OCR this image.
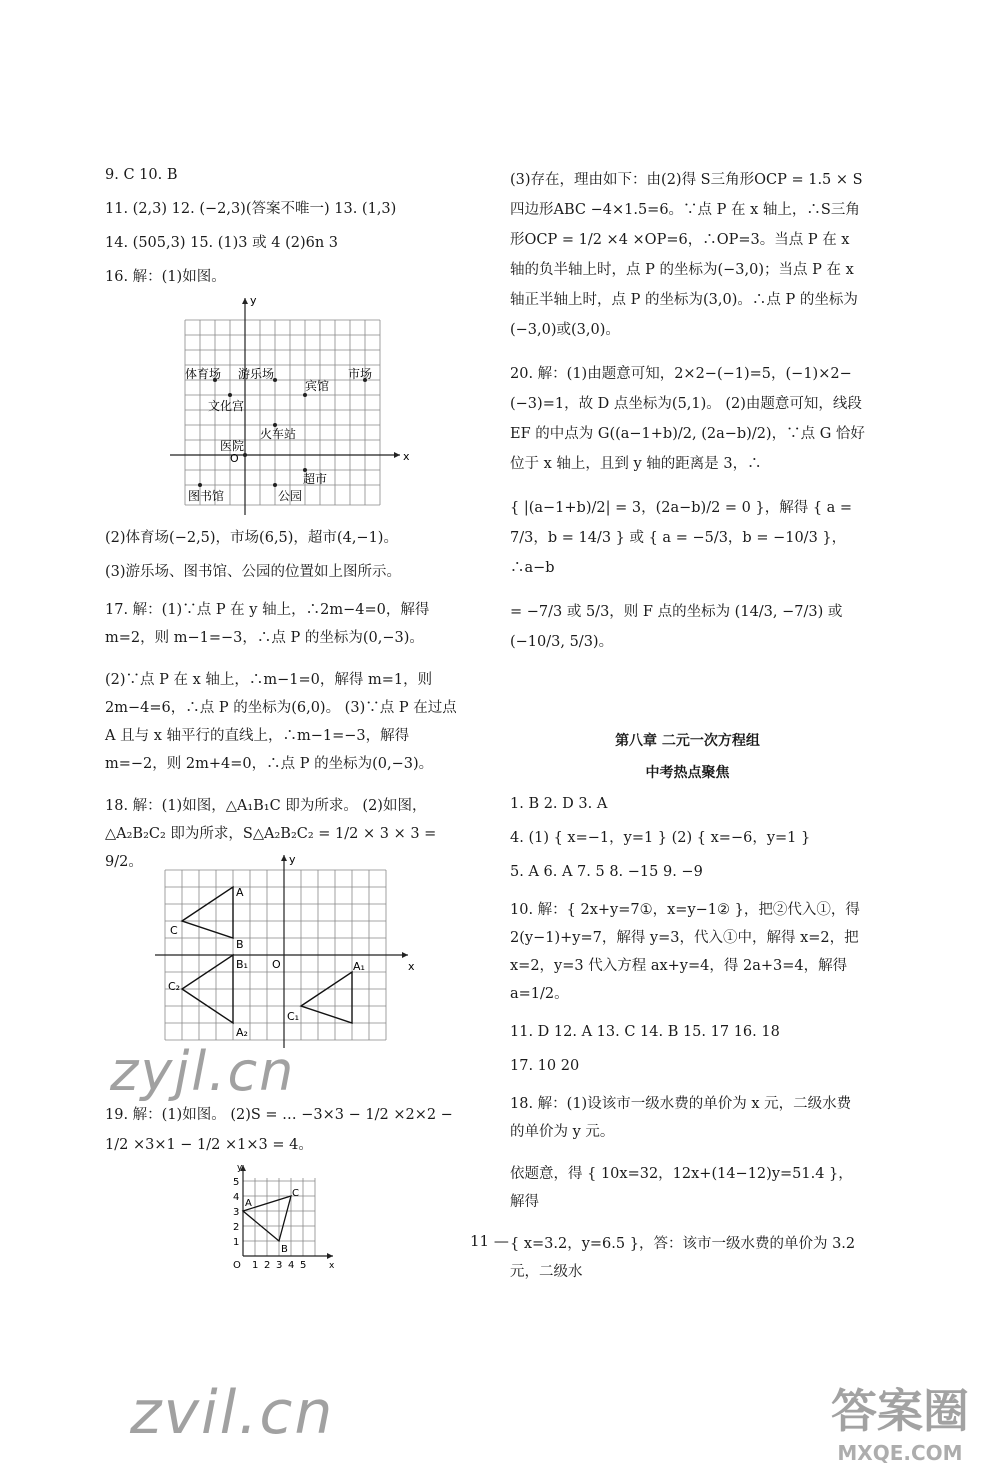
9. C 10. B

11. (2,3) 12. (−2,3)(答案不唯一) 13. (1,3)

14. (505,3) 15. (1)3 或 4 (2)6n 3

16. 解：(1)如图。

x
y
O
体育场 游乐场
宾馆
市场
文化宫
火车站
医院
超市
图书馆	公园

(2)体育场(−2,5)，市场(6,5)，超市(4,−1)。

(3)游乐场、图书馆、公园的位置如上图所示。

17. 解：(1)∵点 P 在 y 轴上，∴2m−4=0，解得 m=2，则 m−1=−3，∴点 P 的坐标为(0,−3)。

(2)∵点 P 在 x 轴上，∴m−1=0，解得 m=1，则 2m−4=6，∴点 P 的坐标为(6,0)。 (3)∵点 P 在过点 A 且与 x 轴平行的直线上，∴m−1=−3，解得 m=−2，则 2m+4=0，∴点 P 的坐标为(0,−3)。

18. 解：(1)如图，△A₁B₁C 即为所求。 (2)如图，△A₂B₂C₂ 即为所求，S△A₂B₂C₂ = 1/2 × 3 × 3 = 9/2。

A
B
C
B₁	A₁
C₁
C₂
A₂
O	x
y

19. 解：(1)如图。 (2)S = … −3×3 − 1/2 ×2×2 − 1/2 ×3×1 − 1/2 ×1×3 = 4。

A
B
C
O	x
y
5
4
3
2
1
1 2 3 4 5

(3)存在，理由如下：由(2)得 S三角形OCP = 1.5 × S四边形ABC −4×1.5=6。∵点 P 在 x 轴上，∴S三角形OCP = 1/2 ×4 ×OP=6，∴OP=3。当点 P 在 x 轴的负半轴上时，点 P 的坐标为(−3,0)；当点 P 在 x 轴正半轴上时，点 P 的坐标为(3,0)。∴点 P 的坐标为(−3,0)或(3,0)。

20. 解：(1)由题意可知，2×2−(−1)=5，(−1)×2−(−3)=1，故 D 点坐标为(5,1)。 (2)由题意可知，线段 EF 的中点为 G((a−1+b)/2, (2a−b)/2)，∵点 G 恰好位于 x 轴上，且到 y 轴的距离是 3，∴

{ |(a−1+b)/2| = 3，(2a−b)/2 = 0 }，解得 { a = 7/3，b = 14/3 } 或 { a = −5/3，b = −10/3 }，∴a−b

= −7/3 或 5/3，则 F 点的坐标为 (14/3, −7/3) 或 (−10/3, 5/3)。

第八章 二元一次方程组

中考热点聚焦

1. B 2. D 3. A

4. (1) { x=−1，y=1 } (2) { x=−6，y=1 }

5. A 6. A 7. 5 8. −15 9. −9

10. 解：{ 2x+y=7①，x=y−1② }，把②代入①，得 2(y−1)+y=7，解得 y=3，代入①中，解得 x=2，把 x=2，y=3 代入方程 ax+y=4，得 2a+3=4，解得 a=1/2。

11. D 12. A 13. C 14. B 15. 17 16. 18

17. 10 20

18. 解：(1)设该市一级水费的单价为 x 元，二级水费的单价为 y 元。

依题意，得 { 10x=32，12x+(14−12)y=51.4 }，解得

{ x=3.2，y=6.5 }，答：该市一级水费的单价为 3.2 元，二级水

11 —
zyjl.cn
zvil.cn	答案圈
MXQE.COM
